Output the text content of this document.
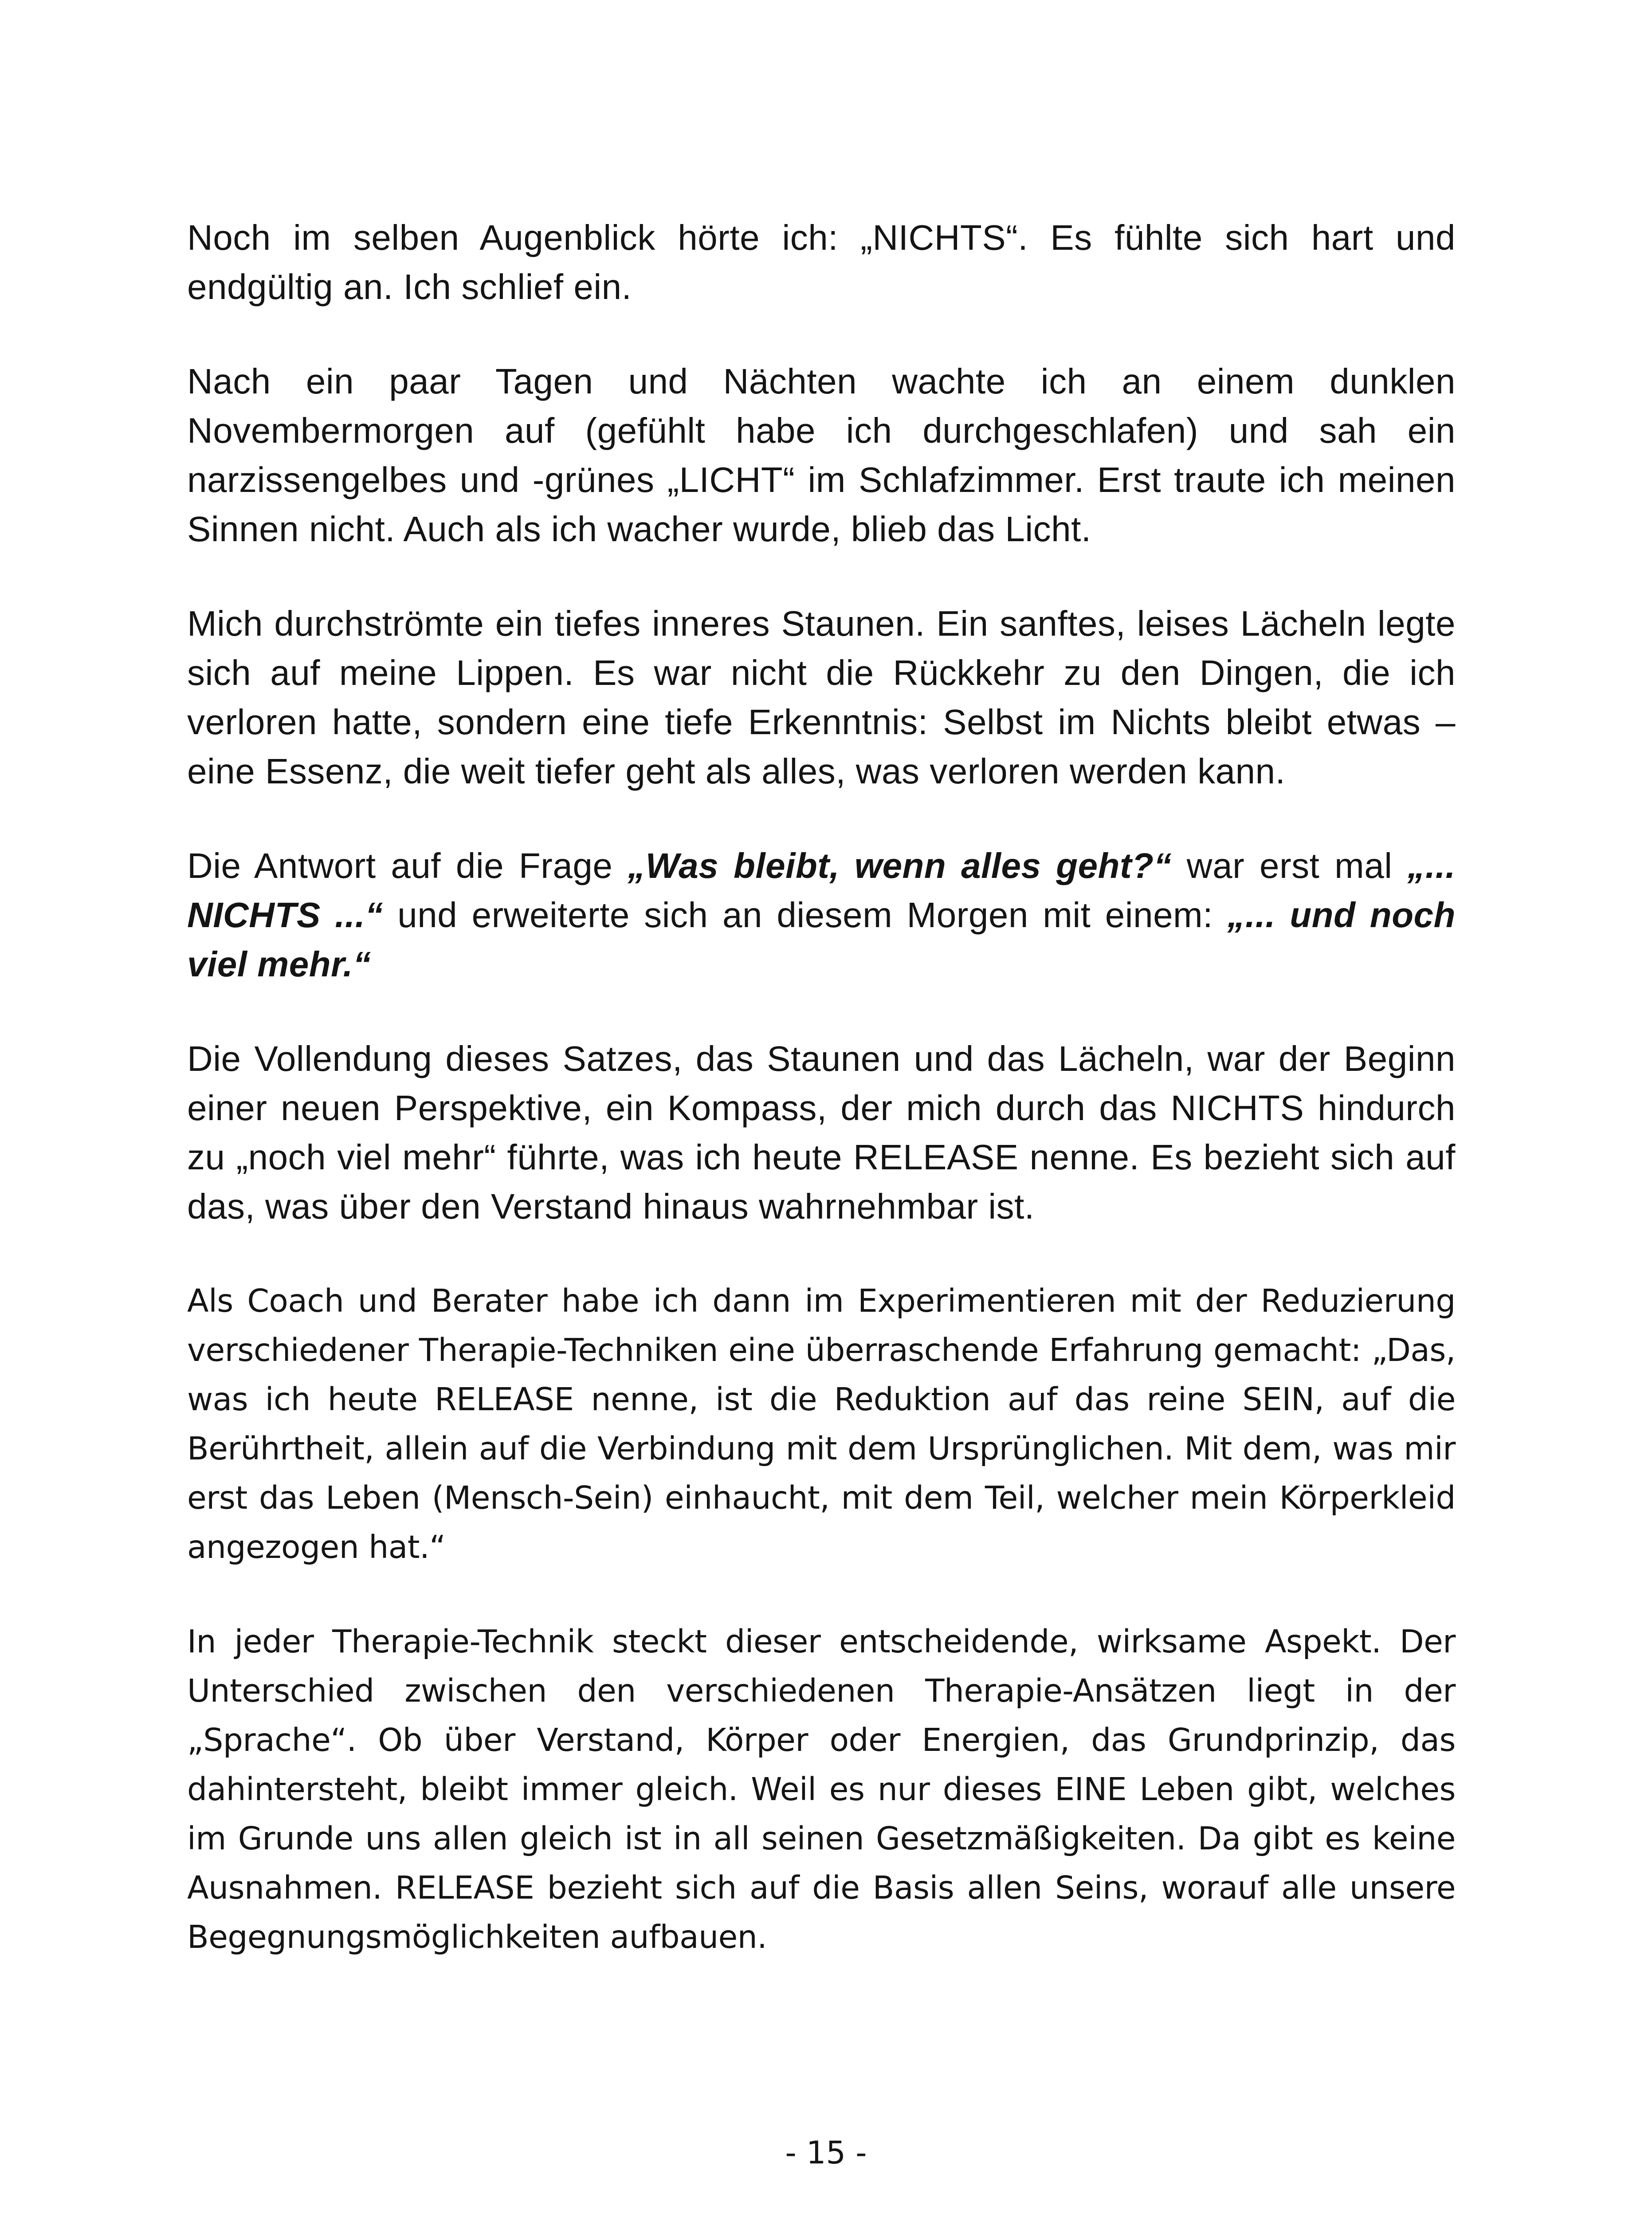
Noch im selben Augenblick hörte ich: „NICHTS“. Es fühlte sich hart und endgültig an. Ich schlief ein.

Nach ein paar Tagen und Nächten wachte ich an einem dunklen Novembermorgen auf (gefühlt habe ich durchgeschlafen) und sah ein narzissengelbes und -grünes „LICHT“ im Schlafzimmer. Erst traute ich meinen Sinnen nicht. Auch als ich wacher wurde, blieb das Licht.

Mich durchströmte ein tiefes inneres Staunen. Ein sanftes, leises Lächeln legte sich auf meine Lippen. Es war nicht die Rückkehr zu den Dingen, die ich verloren hatte, sondern eine tiefe Erkenntnis: Selbst im Nichts bleibt etwas – eine Essenz, die weit tiefer geht als alles, was verloren werden kann.

Die Antwort auf die Frage „Was bleibt, wenn alles geht?“ war erst mal „... NICHTS ...“ und erweiterte sich an diesem Morgen mit einem: „... und noch viel mehr.“

Die Vollendung dieses Satzes, das Staunen und das Lächeln, war der Beginn einer neuen Perspektive, ein Kompass, der mich durch das NICHTS hindurch zu „noch viel mehr“ führte, was ich heute RELEASE nenne. Es bezieht sich auf das, was über den Verstand hinaus wahrnehmbar ist.

Als Coach und Berater habe ich dann im Experimentieren mit der Reduzierung verschiedener Therapie-Techniken eine überraschende Erfahrung gemacht: „Das, was ich heute RELEASE nenne, ist die Reduktion auf das reine SEIN, auf die Berührtheit, allein auf die Verbindung mit dem Ursprünglichen. Mit dem, was mir erst das Leben (Mensch-Sein) einhaucht, mit dem Teil, welcher mein Körperkleid angezogen hat.“

In jeder Therapie-Technik steckt dieser entscheidende, wirksame Aspekt. Der Unterschied zwischen den verschiedenen Therapie-Ansätzen liegt in der „Sprache“. Ob über Verstand, Körper oder Energien, das Grundprinzip, das dahintersteht, bleibt immer gleich. Weil es nur dieses EINE Leben gibt, welches im Grunde uns allen gleich ist in all seinen Gesetzmäßigkeiten. Da gibt es keine Ausnahmen. RELEASE bezieht sich auf die Basis allen Seins, worauf alle unsere Begegnungsmöglichkeiten aufbauen.

- 15 -
